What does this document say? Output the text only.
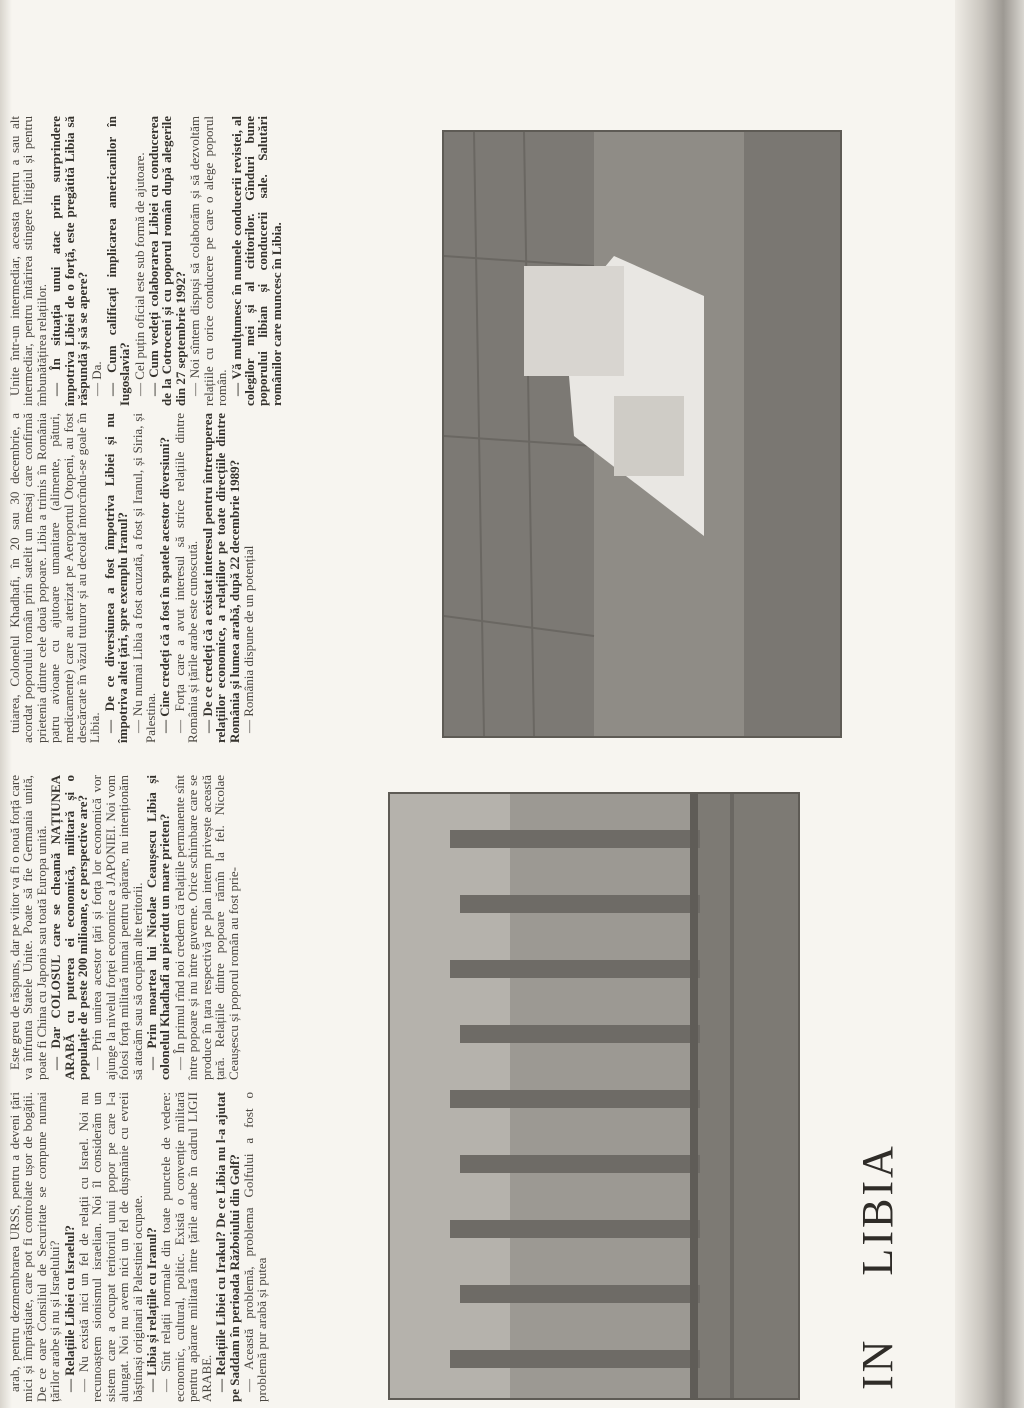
arab, pentru dezmembrarea URSS, pentru a deveni țări mici și împrăștiate, care pot fi controlate ușor de bogății. De ce oare Consiliul de Securitate se compune numai țărilor arabe și nu și Israelului? — Relațiile Libiei cu Israelul? — Nu există nici un fel de relații cu Israel. Noi nu recunoaștem sionismul israelian. Noi îl considerăm un sistem care a ocupat teritoriul unui popor pe care l-a alungat. Noi nu avem nici un fel de dușmănie cu evreii băștinași originari ai Palestinei ocupate. — Libia și relațiile cu Iranul? — Sînt relații normale din toate punctele de vedere: economic, cultural, politic. Există o convenție militară pentru apărare militară între țările arabe în cadrul LIGII ARABE. — Relațiile Libiei cu Irakul? De ce Libia nu l-a ajutat pe Saddam în perioada Războiului din Golf? — Această problemă, problema Golfului a fost o problemă pur arabă și putea

Este greu de răspuns, dar pe viitor va fi o nouă forță care va înfrunta Statele Unite. Poate să fie Germania unită, poate fi China cu Japonia sau toată Europa unită. — Dar COLOSUL care se cheamă NAȚIUNEA ARABĂ cu puterea ei economică, militară și o populație de peste 200 milioane, ce perspective are? — Prin unirea acestor țări și forța lor economică vor ajunge la nivelul forței economice a JAPONIEI. Noi vom folosi forța militară numai pentru apărare, nu intenționăm să atacăm sau să ocupăm alte teritorii. — Prin moartea lui Nicolae Ceaușescu Libia și colonelul Khadhafi au pierdut un mare prieten? — În primul rînd noi credem că relațiile permanente sînt între popoare și nu între guverne. Orice schimbare care se produce în țara respectivă pe plan intern privește această țară. Relațiile dintre popoare rămîn la fel. Nicolae Ceaușescu și poporul român au fost prie-

tuiarea, Colonelul Khadhafi, în 20 sau 30 decembrie, a acordat poporului român prin satelit un mesaj care confirmă prietenia dintre cele două popoare. Libia a trimis în România patru avioane cu ajutoare umanitare (alimente, pături, medicamente) care au aterizat pe Aeroportul Otopeni, au fost descărcate în văzul tuturor și au decolat întorcîndu-se goale în Libia. — De ce diversiunea a fost împotriva Libiei și nu împotriva altei țări, spre exemplu Iranul? — Nu numai Libia a fost acuzată, a fost și Iranul, și Siria, și Palestina. — Cine credeți că a fost în spatele acestor diversiuni? — Forța care a avut interesul să strice relațiile dintre România și țările arabe este cunoscută. — De ce credeți că a existat interesul pentru întreruperea relațiilor economice, a relațiilor pe toate direcțiile dintre România și lumea arabă, după 22 decembrie 1989? — România dispune de un potențial

Unite într-un intermediar, aceasta pentru a sau alt intermediar, pentru întărirea stingere litigiul și pentru îmbunătățirea relațiilor. — În situația unui atac prin surprindere împotriva Libiei de o forță, este pregătită Libia să răspundă și să se apere? — Da. — Cum calificați implicarea americanilor în Iugoslavia? — Cel puțin oficial este sub formă de ajutoare. — Cum vedeți colaborarea Libiei cu conducerea de la Cotroceni și cu poporul român după alegerile din 27 septembrie 1992? — Noi sîntem dispuși să colaborăm și să dezvoltăm relațiile cu orice conducere pe care o alege poporul român. — Vă mulțumesc în numele conducerii revistei, al colegilor mei și al cititorilor. Gînduri bune poporului libian și conducerii sale. Salutări românilor care muncesc în Libia.

IN  LIBIA
